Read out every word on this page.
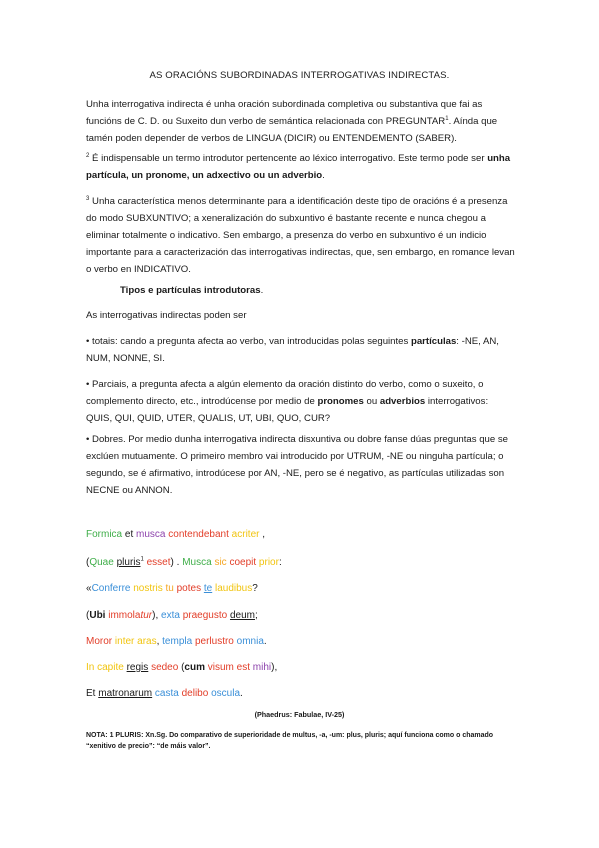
AS ORACIÓNS SUBORDINADAS INTERROGATIVAS INDIRECTAS.

Unha interrogativa indirecta é unha oración subordinada completiva ou substantiva que fai as funcións de C. D. ou Suxeito dun verbo de semántica relacionada con PREGUNTAR$^1$. Aínda que tamén poden depender de verbos de LINGUA (DICIR) ou ENTENDEMENTO (SABER).

$^2$ É indispensable un termo introdutor pertencente ao léxico interrogativo. Este termo pode ser unha partícula, un pronome, un adxectivo ou un adverbio.

$^3$ Unha característica menos determinante para a identificación deste tipo de oracións é a presenza do modo SUBXUNTIVO; a xeneralización do subxuntivo é bastante recente e nunca chegou a eliminar totalmente o indicativo. Sen embargo, a presenza do verbo en subxuntivo é un indicio importante para a caracterización das interrogativas indirectas, que, sen embargo, en romance levan o verbo en INDICATIVO.

Tipos e partículas introdutoras.

As interrogativas indirectas poden ser

• totais: cando a pregunta afecta ao verbo, van introducidas polas seguintes partículas: -NE, AN, NUM, NONNE, SI.

• Parciais, a pregunta afecta a algún elemento da oración distinto do verbo, como o suxeito, o complemento directo, etc., introdúcense por medio de pronomes ou adverbios interrogativos: QUIS, QUI, QUID, UTER, QUALIS, UT, UBI, QUO, CUR?

• Dobres. Por medio dunha interrogativa indirecta disxuntiva ou dobre fanse dúas preguntas que se exclúen mutuamente. O primeiro membro vai introducido por UTRUM, -NE ou ninguha partícula; o segundo, se é afirmativo, introdúcese por AN, -NE, pero se é negativo, as partículas utilizadas son NECNE ou ANNON.

Formica et musca contendebant acriter ,

(Quae pluris$^1$ esset) . Musca sic coepit prior:

«Conferre nostris tu potes te laudibus?

(Ubi immolatur), exta praegusto deum;

Moror inter aras, templa perlustro omnia.

In capite regis sedeo (cum visum est mihi),

Et matronarum casta delibo oscula.

(Phaedrus: Fabulae, IV-25)

NOTA: 1 PLURIS: Xn.Sg. Do comparativo de superioridade de multus, -a, -um: plus, pluris; aquí funciona como o chamado “xenitivo de precio”: “de máis valor”.
